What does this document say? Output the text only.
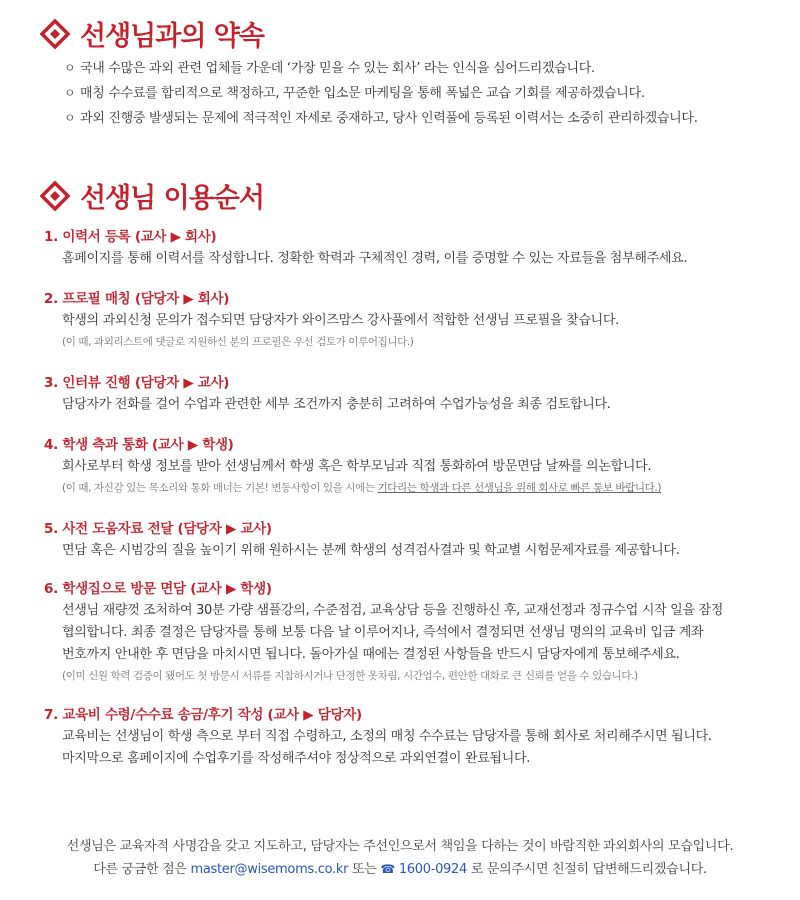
선생님과의 약속
ㅇ 국내 수많은 과외 관련 업체들 가운데 ‘가장 믿을 수 있는 회사’ 라는 인식을 심어드리겠습니다.
ㅇ 매칭 수수료를 합리적으로 책정하고, 꾸준한 입소문 마케팅을 통해 폭넓은 교습 기회를 제공하겠습니다.
ㅇ 과외 진행중 발생되는 문제에 적극적인 자세로 중재하고, 당사 인력풀에 등록된 이력서는 소중히 관리하겠습니다.
선생님 이용순서
1. 이력서 등록 (교사 ▶ 회사)
홈페이지를 통해 이력서를 작성합니다. 정확한 학력과 구체적인 경력, 이를 증명할 수 있는 자료들을 첨부해주세요.
2. 프로필 매칭 (담당자 ▶ 회사)
학생의 과외신청 문의가 접수되면 담당자가 와이즈맘스 강사풀에서 적합한 선생님 프로필을 찾습니다.
(이 때, 과외리스트에 댓글로 지원하신 분의 프로필은 우선 검토가 이루어집니다.)
3. 인터뷰 진행 (담당자 ▶ 교사)
담당자가 전화를 걸어 수업과 관련한 세부 조건까지 충분히 고려하여 수업가능성을 최종 검토합니다.
4. 학생 측과 통화 (교사 ▶ 학생)
회사로부터 학생 정보를 받아 선생님께서 학생 혹은 학부모님과 직접 통화하여 방문면담 날짜를 의논합니다.
(이 때, 자신감 있는 목소리와 통화 매너는 기본! 변동사항이 있을 시에는 기다리는 학생과 다른 선생님을 위해 회사로 빠른 통보 바랍니다.)
5. 사전 도움자료 전달 (담당자 ▶ 교사)
면담 혹은 시범강의 질을 높이기 위해 원하시는 분께 학생의 성격검사결과 및 학교별 시험문제자료를 제공합니다.
6. 학생집으로 방문 면담 (교사 ▶ 학생)
선생님 재량껏 조처하여 30분 가량 샘플강의, 수준점검, 교육상담 등을 진행하신 후, 교재선정과 정규수업 시작 일을 잠정
협의합니다. 최종 결정은 담당자를 통해 보통 다음 날 이루어지나, 즉석에서 결정되면 선생님 명의의 교육비 입금 계좌
번호까지 안내한 후 면담을 마치시면 됩니다. 돌아가실 때에는 결정된 사항들을 반드시 담당자에게 통보해주세요.
(이미 신원 학력 검증이 됐어도 첫 방문시 서류를 지참하시거나 단정한 옷차림, 시간엄수, 편안한 대화로 큰 신뢰를 얻을 수 있습니다.)
7. 교육비 수령/수수료 송금/후기 작성 (교사 ▶ 담당자)
교육비는 선생님이 학생 측으로 부터 직접 수령하고, 소정의 매칭 수수료는 담당자를 통해 회사로 처리해주시면 됩니다.
마지막으로 홈페이지에 수업후기를 작성해주셔야 정상적으로 과외연결이 완료됩니다.
선생님은 교육자적 사명감을 갖고 지도하고, 담당자는 주선인으로서 책임을 다하는 것이 바람직한 과외회사의 모습입니다.
다른 궁금한 점은 master@wisemoms.co.kr 또는 ☎ 1600-0924 로 문의주시면 친절히 답변해드리겠습니다.
